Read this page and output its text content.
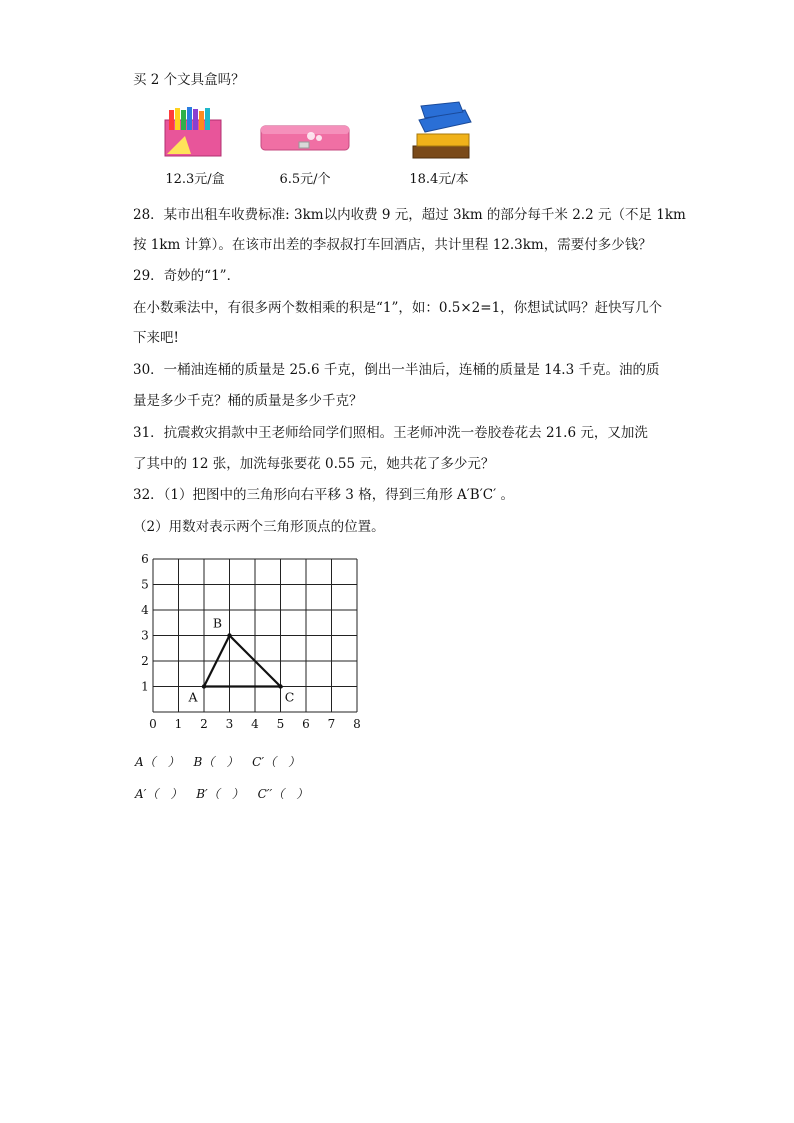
买 2 个文具盒吗？
12.3元/盒	6.5元/个	18.4元/本
28．某市出租车收费标准: 3km以内收费 9 元，超过 3km 的部分每千米 2.2 元（不足 1km
按 1km 计算）。在该市出差的李叔叔打车回酒店，共计里程 12.3km，需要付多少钱？
29．奇妙的“1”．
在小数乘法中，有很多两个数相乘的积是“1”，如：0.5×2=1，你想试试吗？赶快写几个
下来吧!
30．一桶油连桶的质量是 25.6 千克，倒出一半油后，连桶的质量是 14.3 千克。油的质
量是多少千克？桶的质量是多少千克？
31．抗震救灾捐款中王老师给同学们照相。王老师冲洗一卷胶卷花去 21.6 元，又加洗
了其中的 12 张，加洗每张要花 0.55 元，她共花了多少元？
32．（1）把图中的三角形向右平移 3 格，得到三角形 A′B′C′ 。
（2）用数对表示两个三角形顶点的位置。
0 1 2 3 4 5 6 7 8
1
2
3
4
5
6
A
B
C
A（　） B（　） C′（　）
A′（　） B′（　） C′′（　）
